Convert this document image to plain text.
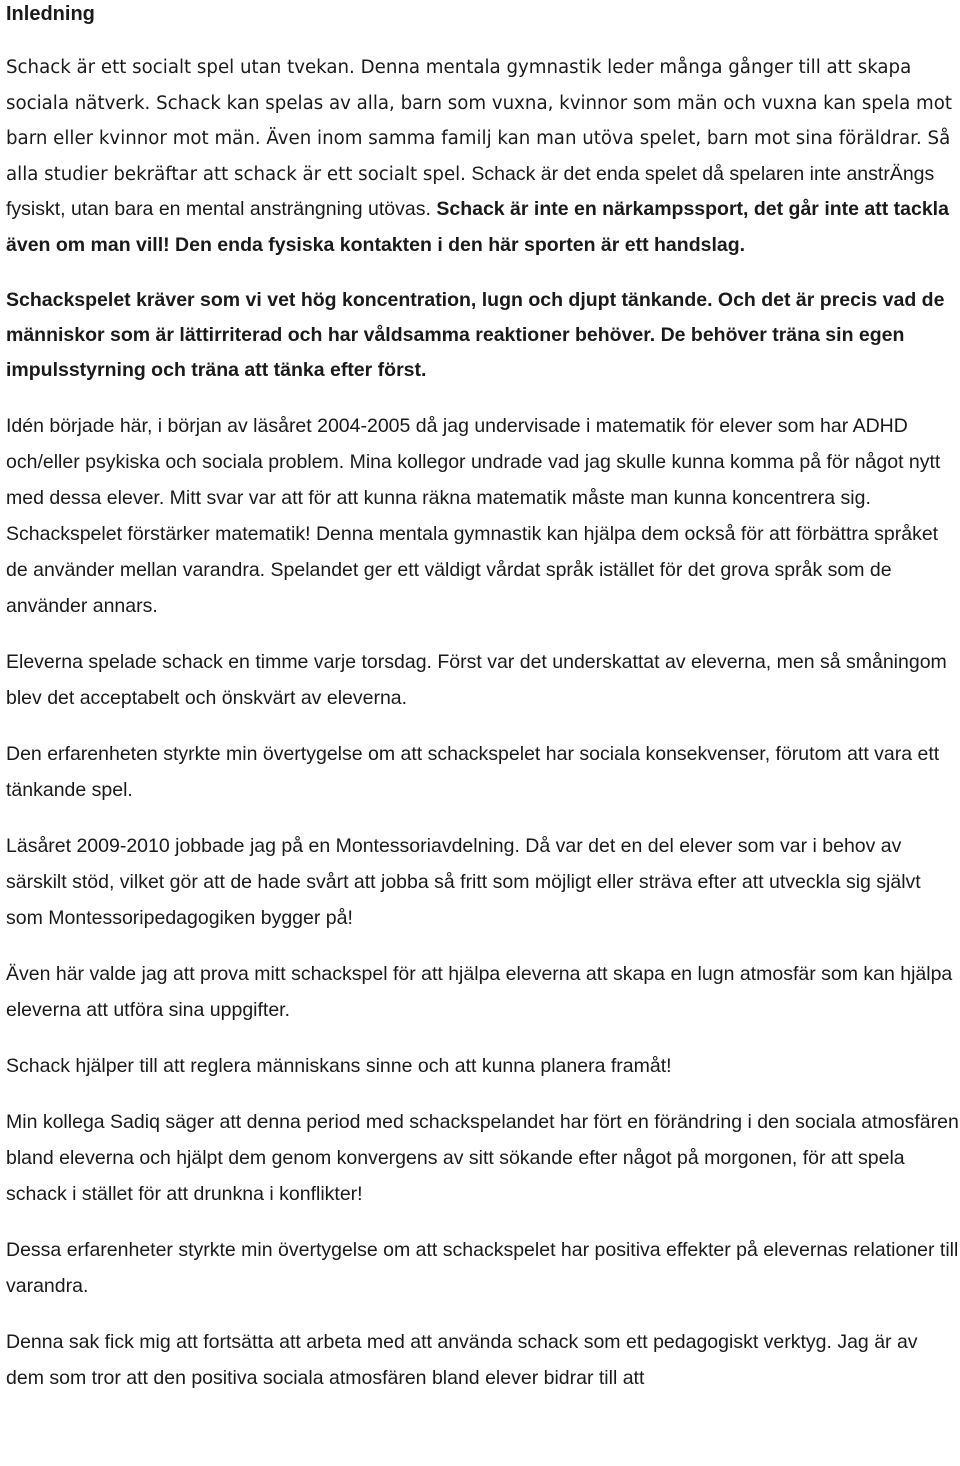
Inledning

Schack är ett socialt spel utan tvekan. Denna mentala gymnastik leder många gånger till att skapa sociala nätverk. Schack kan spelas av alla, barn som vuxna, kvinnor som män och vuxna kan spela mot barn eller kvinnor mot män. Även inom samma familj kan man utöva spelet, barn mot sina föräldrar. Så alla studier bekräftar att schack är ett socialt spel. Schack är det enda spelet då spelaren inte anstrÄngs fysiskt, utan bara en mental ansträngning utövas. Schack är inte en närkampssport, det går inte att tackla även om man vill! Den enda fysiska kontakten i den här sporten är ett handslag.

Schackspelet kräver som vi vet hög koncentration, lugn och djupt tänkande. Och det är precis vad de människor som är lättirriterad och har våldsamma reaktioner behöver. De behöver träna sin egen impulsstyrning och träna att tänka efter först.

Idén började här, i början av läsåret 2004-2005 då jag undervisade i matematik för elever som har ADHD och/eller psykiska och sociala problem. Mina kollegor undrade vad jag skulle kunna komma på för något nytt med dessa elever. Mitt svar var att för att kunna räkna matematik måste man kunna koncentrera sig. Schackspelet förstärker matematik! Denna mentala gymnastik kan hjälpa dem också för att förbättra språket de använder mellan varandra. Spelandet ger ett väldigt vårdat språk istället för det grova språk som de använder annars.

Eleverna spelade schack en timme varje torsdag. Först var det underskattat av eleverna, men så småningom blev det acceptabelt och önskvärt av eleverna.

Den erfarenheten styrkte min övertygelse om att schackspelet har sociala konsekvenser, förutom att vara ett tänkande spel.

Läsåret 2009-2010 jobbade jag på en Montessoriavdelning. Då var det en del elever som var i behov av särskilt stöd, vilket gör att de hade svårt att jobba så fritt som möjligt eller sträva efter att utveckla sig självt som Montessoripedagogiken bygger på!

Även här valde jag att prova mitt schackspel för att hjälpa eleverna att skapa en lugn atmosfär som kan hjälpa eleverna att utföra sina uppgifter.

Schack hjälper till att reglera människans sinne och att kunna planera framåt!

Min kollega Sadiq säger att denna period med schackspelandet har fört en förändring i den sociala atmosfären bland eleverna och hjälpt dem genom konvergens av sitt sökande efter något på morgonen, för att spela schack i stället för att drunkna i konflikter!

Dessa erfarenheter styrkte min övertygelse om att schackspelet har positiva effekter på elevernas relationer till varandra.

Denna sak fick mig att fortsätta att arbeta med att använda schack som ett pedagogiskt verktyg. Jag är av dem som tror att den positiva sociala atmosfären bland elever bidrar till att
